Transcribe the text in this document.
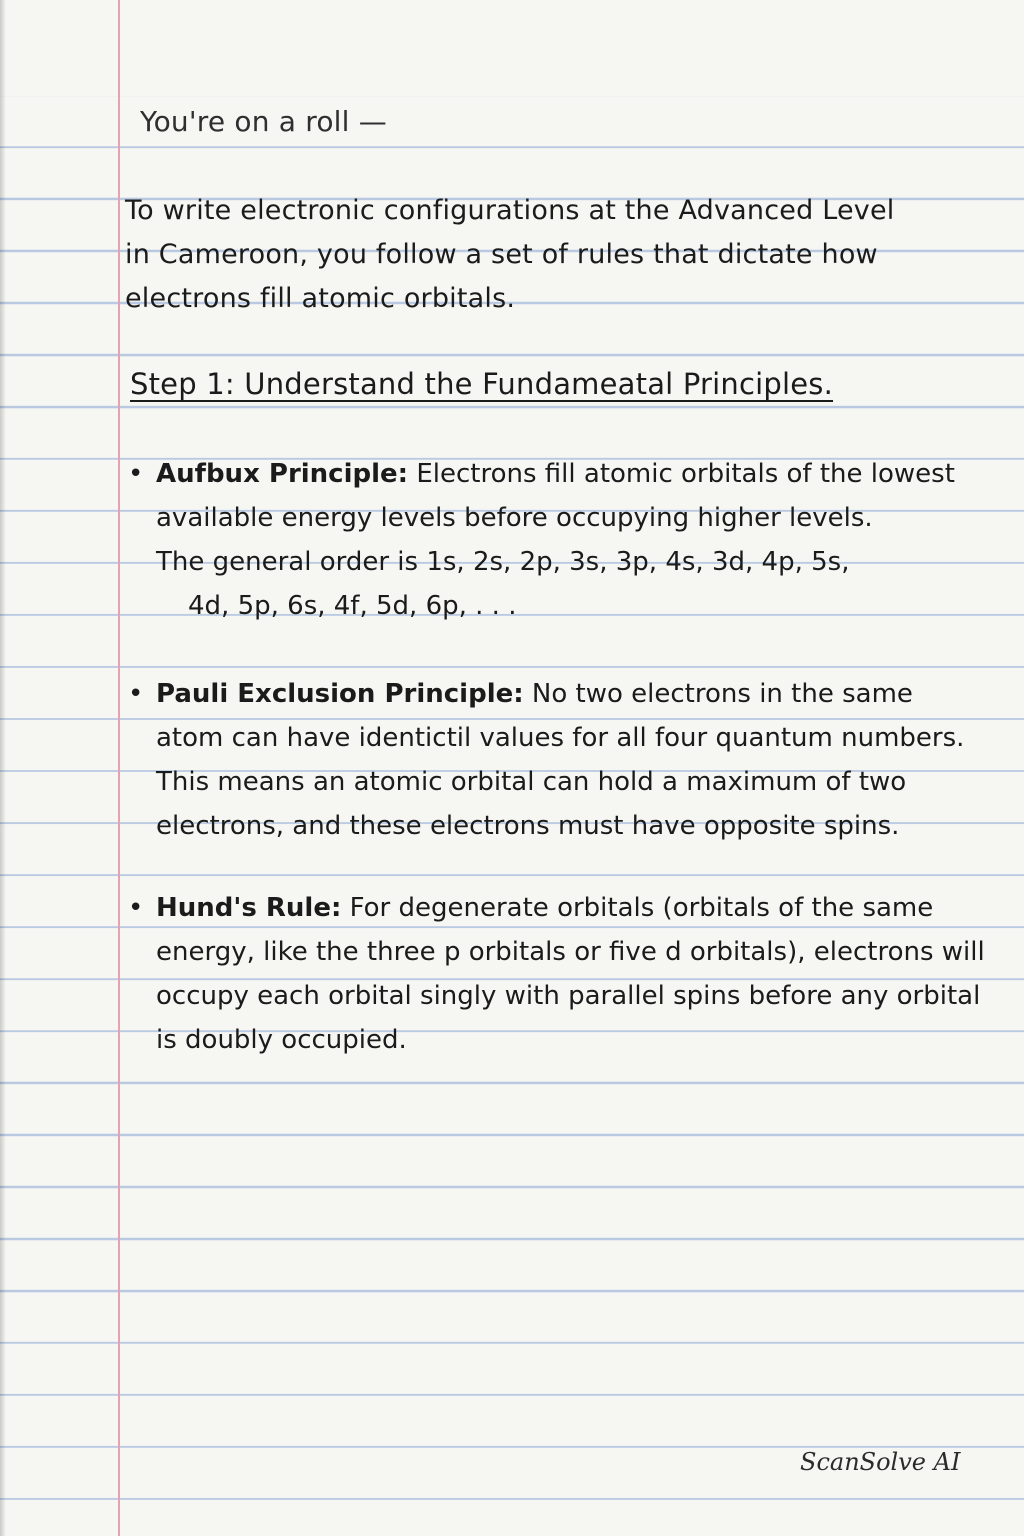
You're on a roll —
To write electronic configurations at the Advanced Level in Cameroon, you follow a set of rules that dictate how electrons fill atomic orbitals.
Step 1: Understand the Fundameatal Principles.
• Aufbux Principle: Electrons fill atomic orbitals of the lowest available energy levels before occupying higher levels.
The general order is 1s, 2s, 2p, 3s, 3p, 4s, 3d, 4p, 5s,
4d, 5p, 6s, 4f, 5d, 6p, . . .
• Pauli Exclusion Principle: No two electrons in the same atom can have identictil values for all four quantum numbers. This means an atomic orbital can hold a maximum of two electrons, and these electrons must have opposite spins.
• Hund's Rule: For degenerate orbitals (orbitals of the same energy, like the three p orbitals or five d orbitals), electrons will occupy each orbital singly with parallel spins before any orbital is doubly occupied.
ScanSolve AI
